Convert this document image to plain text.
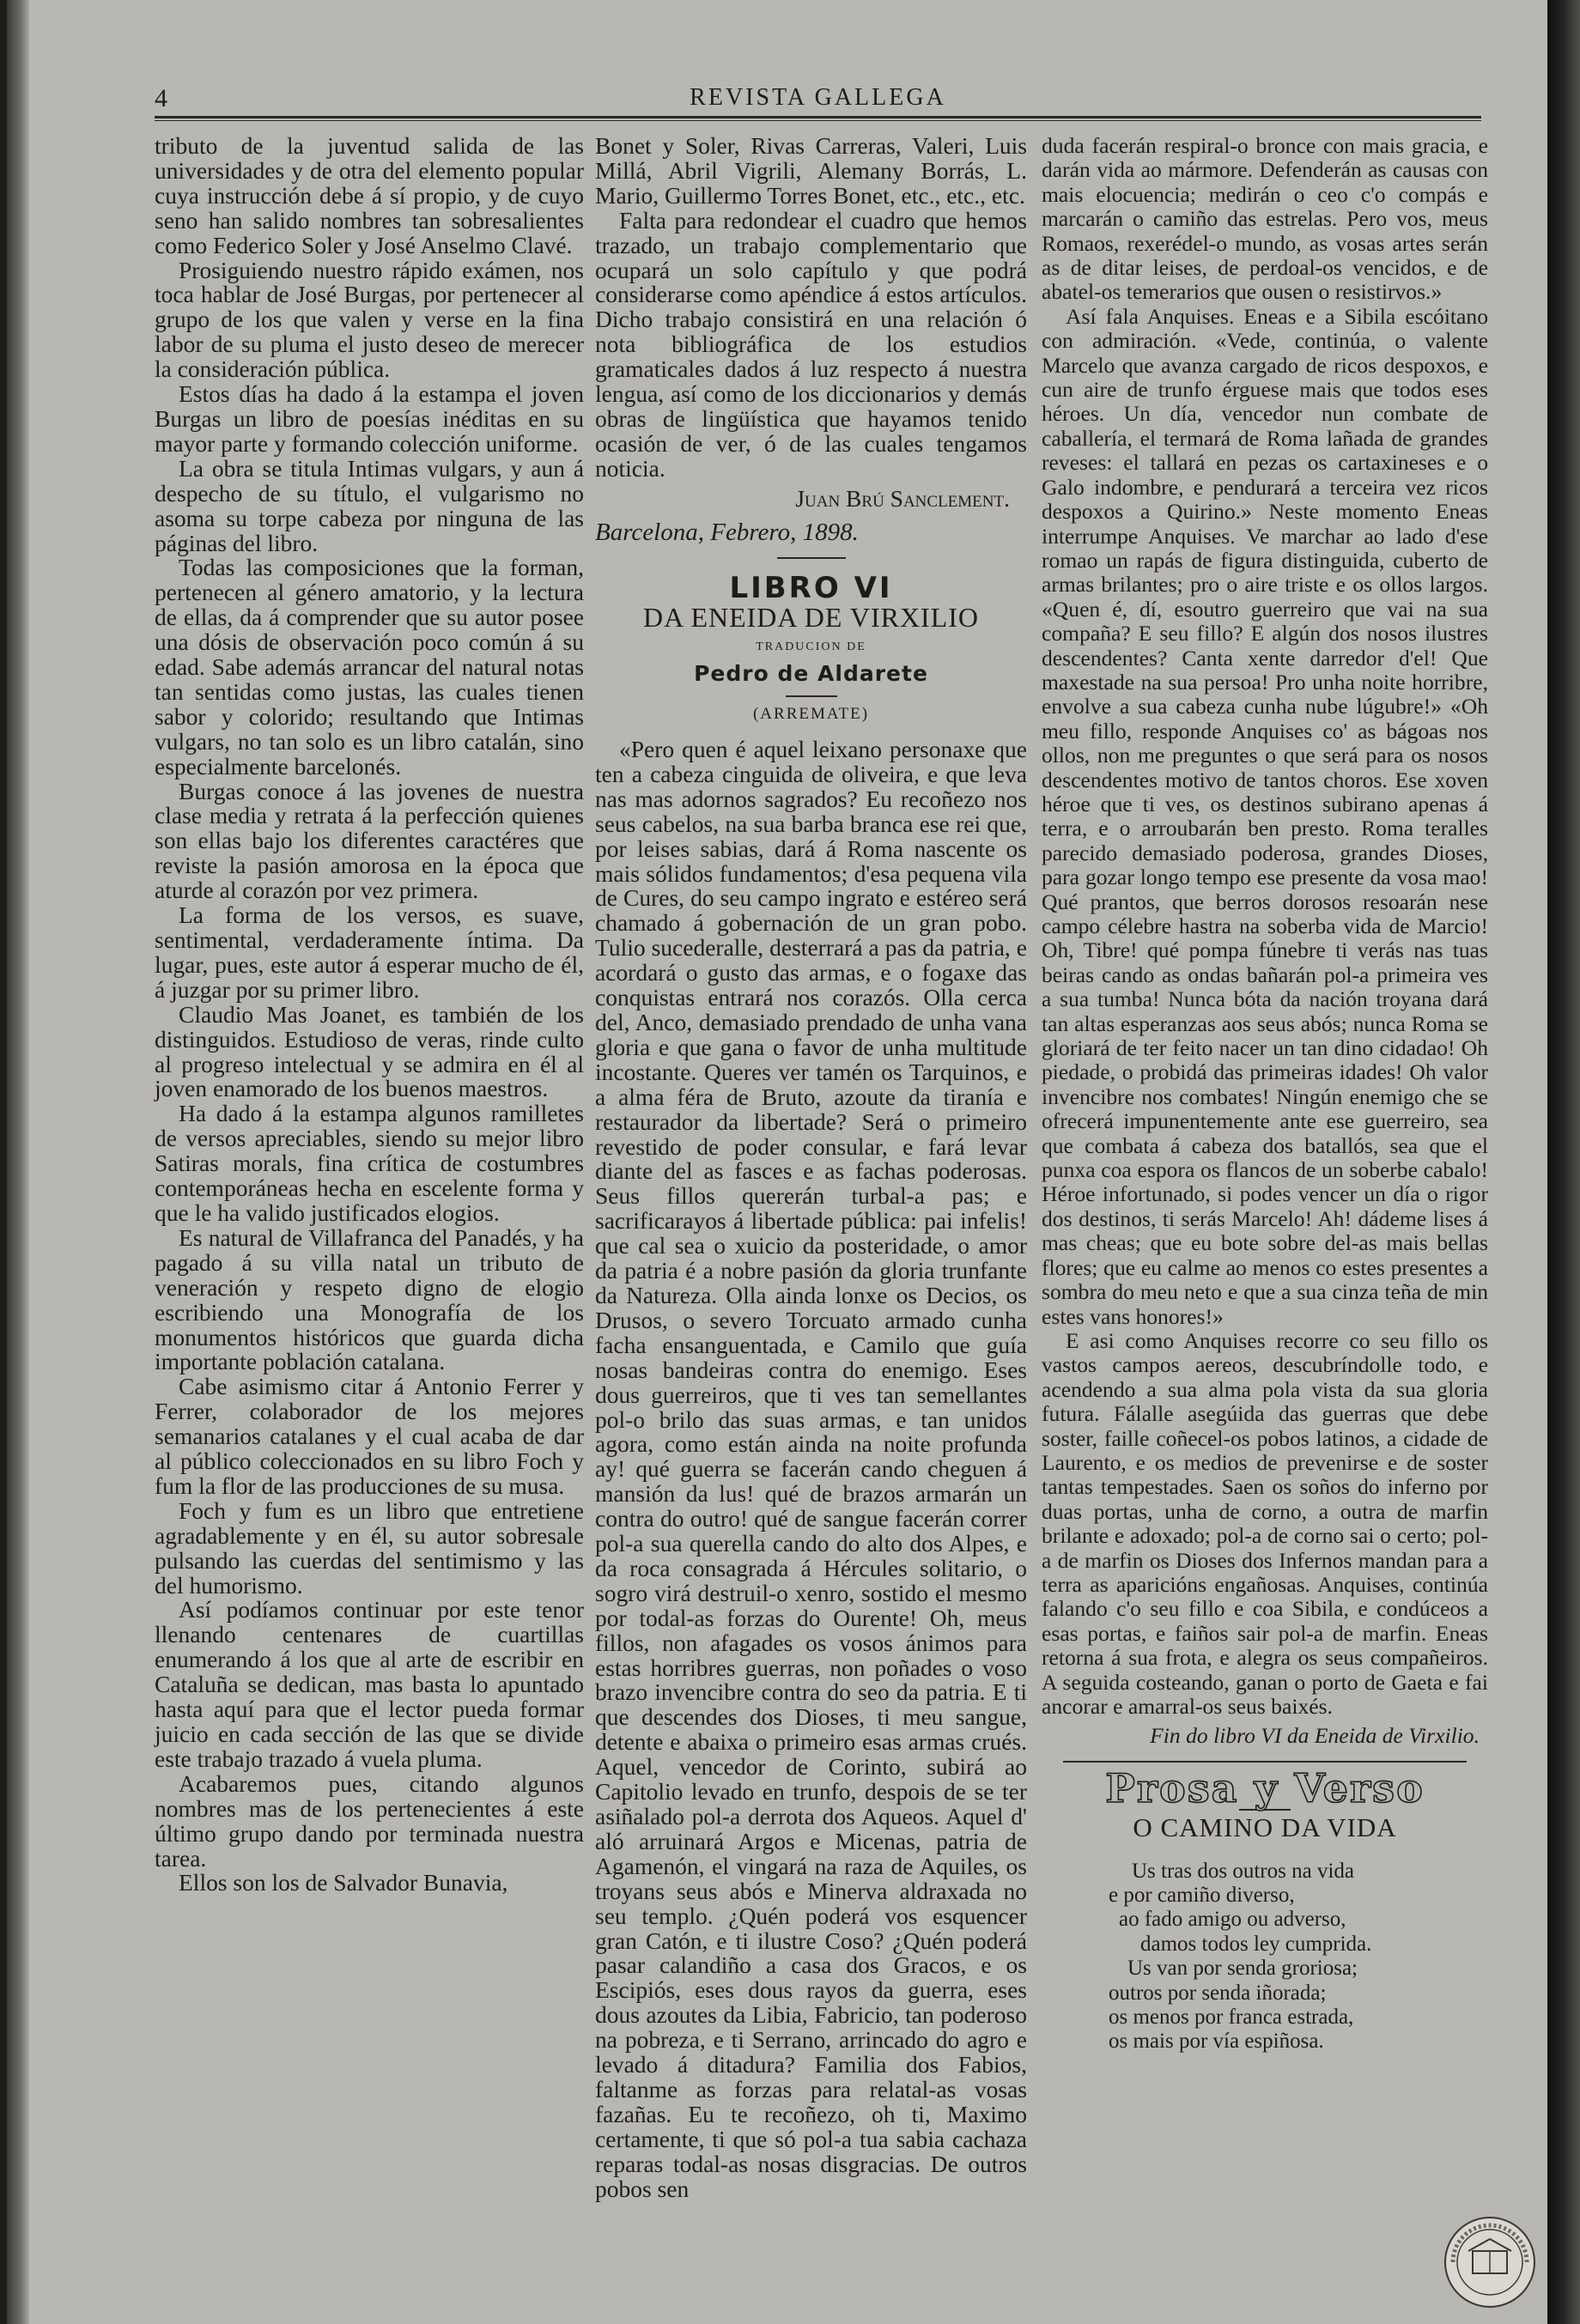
4	REVISTA GALLEGA

tributo de la juventud salida de las universidades y de otra del elemento popular cuya instrucción debe á sí propio, y de cuyo seno han salido nombres tan sobresalientes como Federico Soler y José Anselmo Clavé.

Prosiguiendo nuestro rápido exámen, nos toca hablar de José Burgas, por pertenecer al grupo de los que valen y verse en la fina labor de su pluma el justo deseo de merecer la consideración pública.

Estos días ha dado á la estampa el joven Burgas un libro de poesías inéditas en su mayor parte y formando colección uniforme.

La obra se titula Intimas vulgars, y aun á despecho de su título, el vulgarismo no asoma su torpe cabeza por ninguna de las páginas del libro.

Todas las composiciones que la forman, pertenecen al género amatorio, y la lectura de ellas, da á comprender que su autor posee una dósis de observación poco común á su edad. Sabe además arrancar del natural notas tan sentidas como justas, las cuales tienen sabor y colorido; resultando que Intimas vulgars, no tan solo es un libro catalán, sino especialmente barcelonés.

Burgas conoce á las jovenes de nuestra clase media y retrata á la perfección quienes son ellas bajo los diferentes caractéres que reviste la pasión amorosa en la época que aturde al corazón por vez primera.

La forma de los versos, es suave, sentimental, verdaderamente íntima. Da lugar, pues, este autor á esperar mucho de él, á juzgar por su primer libro.

Claudio Mas Joanet, es también de los distinguidos. Estudioso de veras, rinde culto al progreso intelectual y se admira en él al joven enamorado de los buenos maestros.

Ha dado á la estampa algunos ramilletes de versos apreciables, siendo su mejor libro Satiras morals, fina crítica de costumbres contemporáneas hecha en escelente forma y que le ha valido justificados elogios.

Es natural de Villafranca del Panadés, y ha pagado á su villa natal un tributo de veneración y respeto digno de elogio escribiendo una Monografía de los monumentos históricos que guarda dicha importante población catalana.

Cabe asimismo citar á Antonio Ferrer y Ferrer, colaborador de los mejores semanarios catalanes y el cual acaba de dar al público coleccionados en su libro Foch y fum la flor de las producciones de su musa.

Foch y fum es un libro que entretiene agradablemente y en él, su autor sobresale pulsando las cuerdas del sentimismo y las del humorismo.

Así podíamos continuar por este tenor llenando centenares de cuartillas enumerando á los que al arte de escribir en Cataluña se dedican, mas basta lo apuntado hasta aquí para que el lector pueda formar juicio en cada sección de las que se divide este trabajo trazado á vuela pluma.

Acabaremos pues, citando algunos nombres mas de los pertenecientes á este último grupo dando por terminada nuestra tarea.

Ellos son los de Salvador Bunavia,

Bonet y Soler, Rivas Carreras, Valeri, Luis Millá, Abril Vigrili, Alemany Borrás, L. Mario, Guillermo Torres Bonet, etc., etc., etc.

Falta para redondear el cuadro que hemos trazado, un trabajo complementario que ocupará un solo capítulo y que podrá considerarse como apéndice á estos artículos. Dicho trabajo consistirá en una relación ó nota bibliográfica de los estudios gramaticales dados á luz respecto á nuestra lengua, así como de los diccionarios y demás obras de lingüística que hayamos tenido ocasión de ver, ó de las cuales tengamos noticia.

Juan Brú Sanclement.

Barcelona, Febrero, 1898.

LIBRO VI

DA ENEIDA DE VIRXILIO

TRADUCION DE

Pedro de Aldarete

(ARREMATE)

«Pero quen é aquel leixano personaxe que ten a cabeza cinguida de oliveira, e que leva nas mas adornos sagrados? Eu recoñezo nos seus cabelos, na sua barba branca ese rei que, por leises sabias, dará á Roma nascente os mais sólidos fundamentos; d'esa pequena vila de Cures, do seu campo ingrato e estéreo será chamado á gobernación de un gran pobo. Tulio sucederalle, desterrará a pas da patria, e acordará o gusto das armas, e o fogaxe das conquistas entrará nos corazós. Olla cerca del, Anco, demasiado prendado de unha vana gloria e que gana o favor de unha multitude incostante. Queres ver tamén os Tarquinos, e a alma féra de Bruto, azoute da tiranía e restaurador da libertade? Será o primeiro revestido de poder consular, e fará levar diante del as fasces e as fachas poderosas. Seus fillos quererán turbal-a pas; e sacrificarayos á libertade pública: pai infelis! que cal sea o xuicio da posteridade, o amor da patria é a nobre pasión da gloria trunfante da Natureza. Olla ainda lonxe os Decios, os Drusos, o severo Torcuato armado cunha facha ensanguentada, e Camilo que guía nosas bandeiras contra do enemigo. Eses dous guerreiros, que ti ves tan semellantes pol-o brilo das suas armas, e tan unidos agora, como están ainda na noite profunda ay! qué guerra se facerán cando cheguen á mansión da lus! qué de brazos armarán un contra do outro! qué de sangue facerán correr pol-a sua querella cando do alto dos Alpes, e da roca consagrada á Hércules solitario, o sogro virá destruil-o xenro, sostido el mesmo por todal-as forzas do Ourente! Oh, meus fillos, non afagades os vosos ánimos para estas horribres guerras, non poñades o voso brazo invencibre contra do seo da patria. E ti que descendes dos Dioses, ti meu sangue, detente e abaixa o primeiro esas armas crués. Aquel, vencedor de Corinto, subirá ao Capitolio levado en trunfo, despois de se ter asiñalado pol-a derrota dos Aqueos. Aquel d' aló arruinará Argos e Micenas, patria de Agamenón, el vingará na raza de Aquiles, os troyans seus abós e Minerva aldraxada no seu templo. ¿Quén poderá vos esquencer gran Catón, e ti ilustre Coso? ¿Quén poderá pasar calandiño a casa dos Gracos, e os Escipiós, eses dous rayos da guerra, eses dous azoutes da Libia, Fabricio, tan poderoso na pobreza, e ti Serrano, arrincado do agro e levado á ditadura? Familia dos Fabios, faltanme as forzas para relatal-as vosas fazañas. Eu te recoñezo, oh ti, Maximo certamente, ti que só pol-a tua sabia cachaza reparas todal-as nosas disgracias. De outros pobos sen

duda facerán respiral-o bronce con mais gracia, e darán vida ao mármore. Defenderán as causas con mais elocuencia; medirán o ceo c'o compás e marcarán o camiño das estrelas. Pero vos, meus Romaos, rexerédel-o mundo, as vosas artes serán as de ditar leises, de perdoal-os vencidos, e de abatel-os temerarios que ousen o resistirvos.»

Así fala Anquises. Eneas e a Sibila escóitano con admiración. «Vede, continúa, o valente Marcelo que avanza cargado de ricos despoxos, e cun aire de trunfo érguese mais que todos eses héroes. Un día, vencedor nun combate de caballería, el termará de Roma lañada de grandes reveses: el tallará en pezas os cartaxineses e o Galo indombre, e pendurará a terceira vez ricos despoxos a Quirino.» Neste momento Eneas interrumpe Anquises. Ve marchar ao lado d'ese romao un rapás de figura distinguida, cuberto de armas brilantes; pro o aire triste e os ollos largos. «Quen é, dí, esoutro guerreiro que vai na sua compaña? E seu fillo? E algún dos nosos ilustres descendentes? Canta xente darredor d'el! Que maxestade na sua persoa! Pro unha noite horribre, envolve a sua cabeza cunha nube lúgubre!» «Oh meu fillo, responde Anquises co' as bágoas nos ollos, non me preguntes o que será para os nosos descendentes motivo de tantos choros. Ese xoven héroe que ti ves, os destinos subirano apenas á terra, e o arroubarán ben presto. Roma teralles parecido demasiado poderosa, grandes Dioses, para gozar longo tempo ese presente da vosa mao! Qué prantos, que berros dorosos resoarán nese campo célebre hastra na soberba vida de Marcio! Oh, Tibre! qué pompa fúnebre ti verás nas tuas beiras cando as ondas bañarán pol-a primeira ves a sua tumba! Nunca bóta da nación troyana dará tan altas esperanzas aos seus abós; nunca Roma se gloriará de ter feito nacer un tan dino cidadao! Oh piedade, o probidá das primeiras idades! Oh valor invencibre nos combates! Ningún enemigo che se ofrecerá impunentemente ante ese guerreiro, sea que combata á cabeza dos batallós, sea que el punxa coa espora os flancos de un soberbe cabalo! Héroe infortunado, si podes vencer un día o rigor dos destinos, ti serás Marcelo! Ah! dádeme lises á mas cheas; que eu bote sobre del-as mais bellas flores; que eu calme ao menos co estes presentes a sombra do meu neto e que a sua cinza teña de min estes vans honores!»

E asi como Anquises recorre co seu fillo os vastos campos aereos, descubríndolle todo, e acendendo a sua alma pola vista da sua gloria futura. Fálalle asegúida das guerras que debe soster, faille coñecel-os pobos latinos, a cidade de Laurento, e os medios de prevenirse e de soster tantas tempestades. Saen os soños do inferno por duas portas, unha de corno, a outra de marfin brilante e adoxado; pol-a de corno sai o certo; pol-a de marfin os Dioses dos Infernos mandan para a terra as aparicións engañosas. Anquises, continúa falando c'o seu fillo e coa Sibila, e condúceos a esas portas, e faiños sair pol-a de marfin. Eneas retorna á sua frota, e alegra os seus compañeiros. A seguida costeando, ganan o porto de Gaeta e fai ancorar e amarral-os seus baixés.

Fin do libro VI da Eneida de Virxilio.

Prosa y Verso

O CAMINO DA VIDA

Us tras dos outros na vida

e por camiño diverso,

ao fado amigo ou adverso,

damos todos ley cumprida.

Us van por senda groriosa;

outros por senda iñorada;

os menos por franca estrada,

os mais por vía espiñosa.
